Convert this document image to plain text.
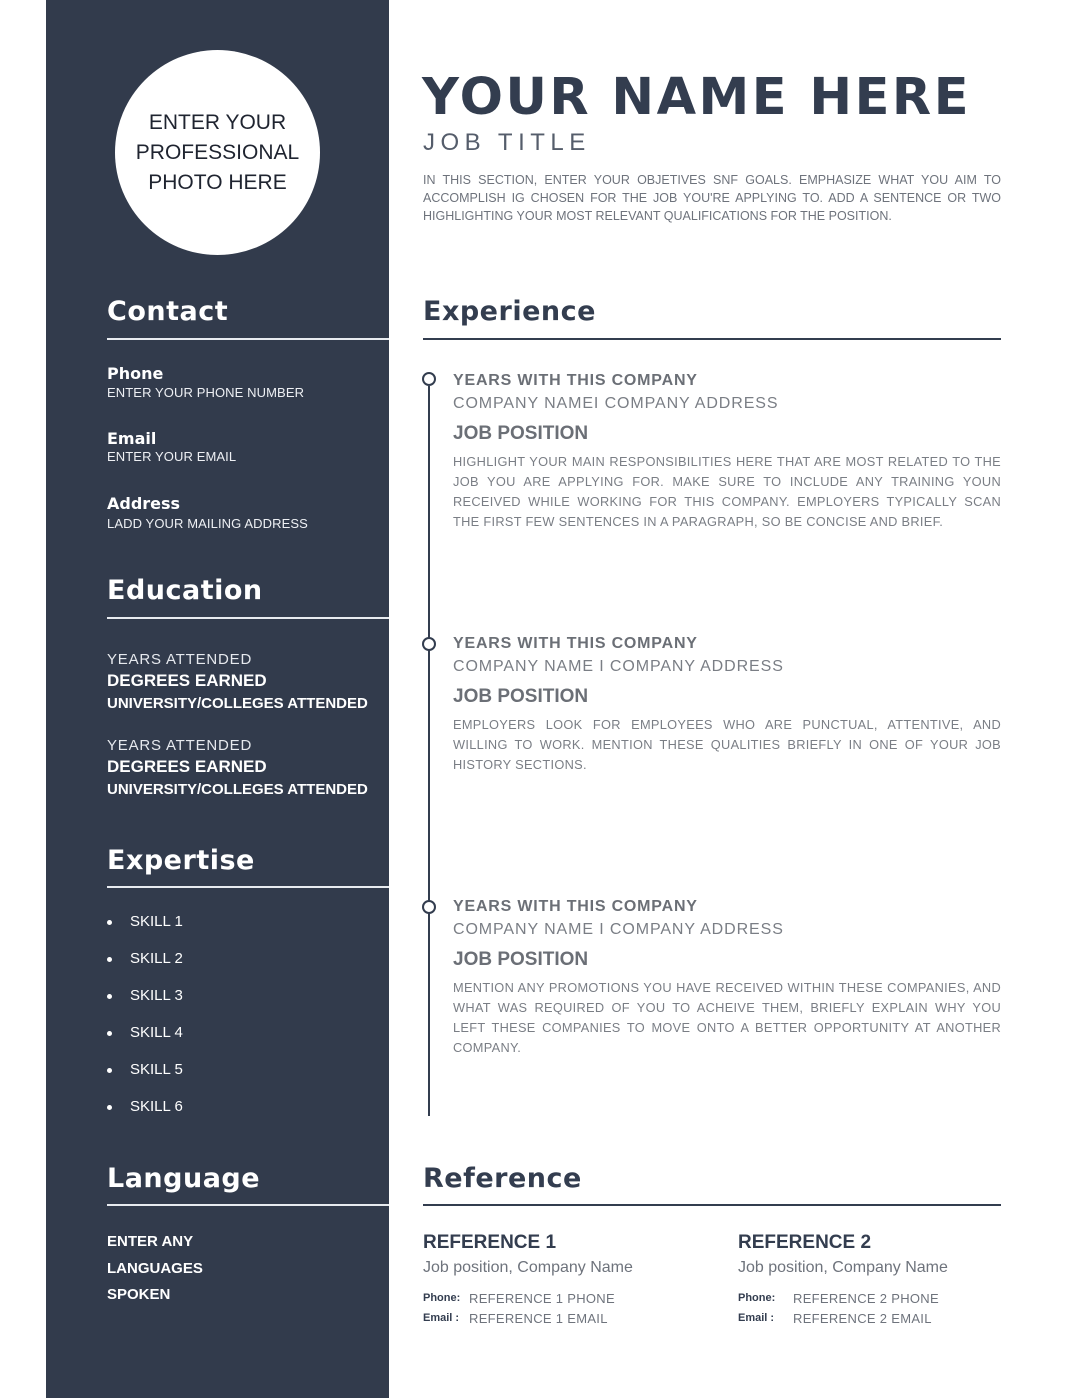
ENTER YOUR
PROFESSIONAL
PHOTO HERE
Contact
Phone
ENTER YOUR PHONE NUMBER
Email
ENTER YOUR EMAIL
Address
LADD YOUR MAILING ADDRESS
Education
YEARS ATTENDED
DEGREES EARNED
UNIVERSITY/COLLEGES ATTENDED
YEARS ATTENDED
DEGREES EARNED
UNIVERSITY/COLLEGES ATTENDED
Expertise
SKILL 1
SKILL 2
SKILL 3
SKILL 4
SKILL 5
SKILL 6
Language
ENTER ANY
LANGUAGES
SPOKEN
YOUR NAME HERE
JOB TITLE
IN THIS SECTION, ENTER YOUR OBJETIVES SNF GOALS. EMPHASIZE WHAT YOU AIM TO ACCOMPLISH IG CHOSEN FOR THE JOB YOU'RE APPLYING TO. ADD A SENTENCE OR TWO HIGHLIGHTING YOUR MOST RELEVANT QUALIFICATIONS FOR THE POSITION.
Experience
YEARS WITH THIS COMPANY
COMPANY NAMEI COMPANY ADDRESS
JOB POSITION
HIGHLIGHT YOUR MAIN RESPONSIBILITIES HERE THAT ARE MOST RELATED TO THE JOB YOU ARE APPLYING FOR. MAKE SURE TO INCLUDE ANY TRAINING YOUN RECEIVED WHILE WORKING FOR THIS COMPANY. EMPLOYERS TYPICALLY SCAN THE FIRST FEW SENTENCES IN A PARAGRAPH, SO BE CONCISE AND BRIEF.
YEARS WITH THIS COMPANY
COMPANY NAME I COMPANY ADDRESS
JOB POSITION
EMPLOYERS LOOK FOR EMPLOYEES WHO ARE PUNCTUAL, ATTENTIVE, AND WILLING TO WORK. MENTION THESE QUALITIES BRIEFLY IN ONE OF YOUR JOB HISTORY SECTIONS.
YEARS WITH THIS COMPANY
COMPANY NAME I COMPANY ADDRESS
JOB POSITION
MENTION ANY PROMOTIONS YOU HAVE RECEIVED WITHIN THESE COMPANIES, AND WHAT WAS REQUIRED OF YOU TO ACHEIVE THEM, BRIEFLY EXPLAIN WHY YOU LEFT THESE COMPANIES TO MOVE ONTO A BETTER OPPORTUNITY AT ANOTHER COMPANY.
Reference
REFERENCE 1
Job position, Company Name
Phone: REFERENCE 1 PHONE
Email : REFERENCE 1 EMAIL
REFERENCE 2
Job position, Company Name
Phone: REFERENCE 2 PHONE
Email : REFERENCE 2 EMAIL
